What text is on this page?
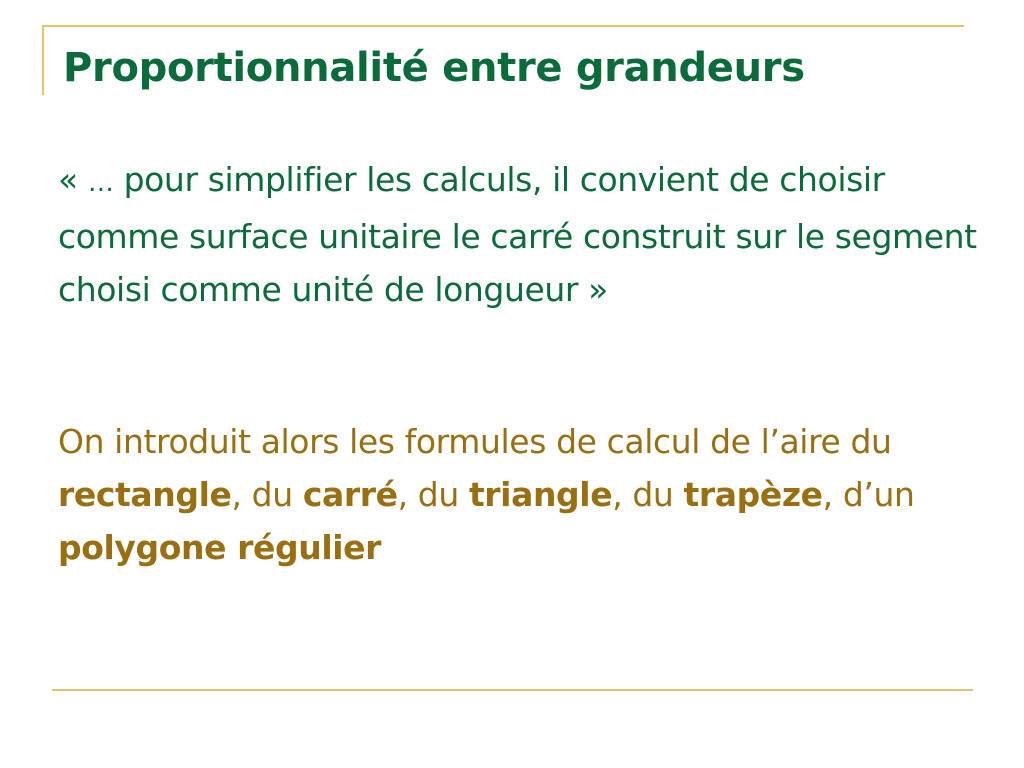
Proportionnalité entre grandeurs

« … pour simplifier les calculs, il convient de choisir comme surface unitaire le carré construit sur le segment choisi comme unité de longueur »

On introduit alors les formules de calcul de l’aire du rectangle, du carré, du triangle, du trapèze, d’un polygone régulier
